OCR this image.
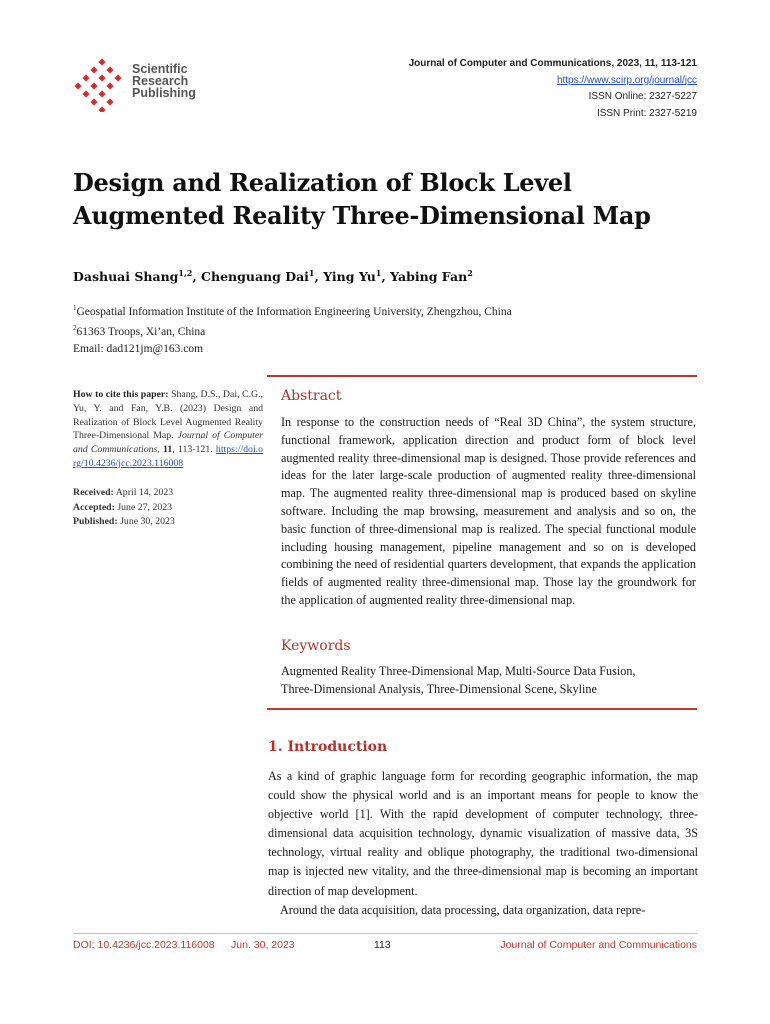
Scientific
Research
Publishing
Journal of Computer and Communications, 2023, 11, 113-121
https://www.scirp.org/journal/jcc
ISSN Online: 2327-5227
ISSN Print: 2327-5219
Design and Realization of Block Level
Augmented Reality Three-Dimensional Map
Dashuai Shang$^{1,2}$, Chenguang Dai$^1$, Ying Yu$^1$, Yabing Fan$^2$
$^1$Geospatial Information Institute of the Information Engineering University, Zhengzhou, China
$^2$61363 Troops, Xi’an, China
Email: dad121jm@163.com
How to cite this paper: Shang, D.S., Dai, C.G., Yu, Y. and Fan, Y.B. (2023) Design and Realization of Block Level Augmented Reality Three-Dimensional Map. Journal of Computer and Communications, 11, 113-121. https://doi.org/10.4236/jcc.2023.116008
Received: April 14, 2023
Accepted: June 27, 2023
Published: June 30, 2023
Abstract
In response to the construction needs of “Real 3D China”, the system structure, functional framework, application direction and product form of block level augmented reality three-dimensional map is designed. Those provide references and ideas for the later large-scale production of augmented reality three-dimensional map. The augmented reality three-dimensional map is produced based on skyline software. Including the map browsing, measurement and analysis and so on, the basic function of three-dimensional map is realized. The special functional module including housing management, pipeline management and so on is developed combining the need of residential quarters development, that expands the application fields of augmented reality three-dimensional map. Those lay the groundwork for the application of augmented reality three-dimensional map.
Keywords
Augmented Reality Three-Dimensional Map, Multi-Source Data Fusion,
Three-Dimensional Analysis, Three-Dimensional Scene, Skyline
1. Introduction

As a kind of graphic language form for recording geographic information, the map could show the physical world and is an important means for people to know the objective world [1]. With the rapid development of computer technology, three-dimensional data acquisition technology, dynamic visualization of massive data, 3S technology, virtual reality and oblique photography, the traditional two-dimensional map is injected new vitality, and the three-dimensional map is becoming an important direction of map development.

Around the data acquisition, data processing, data organization, data repre-

DOI: 10.4236/jcc.2023.116008 Jun. 30, 2023	113	Journal of Computer and Communications
